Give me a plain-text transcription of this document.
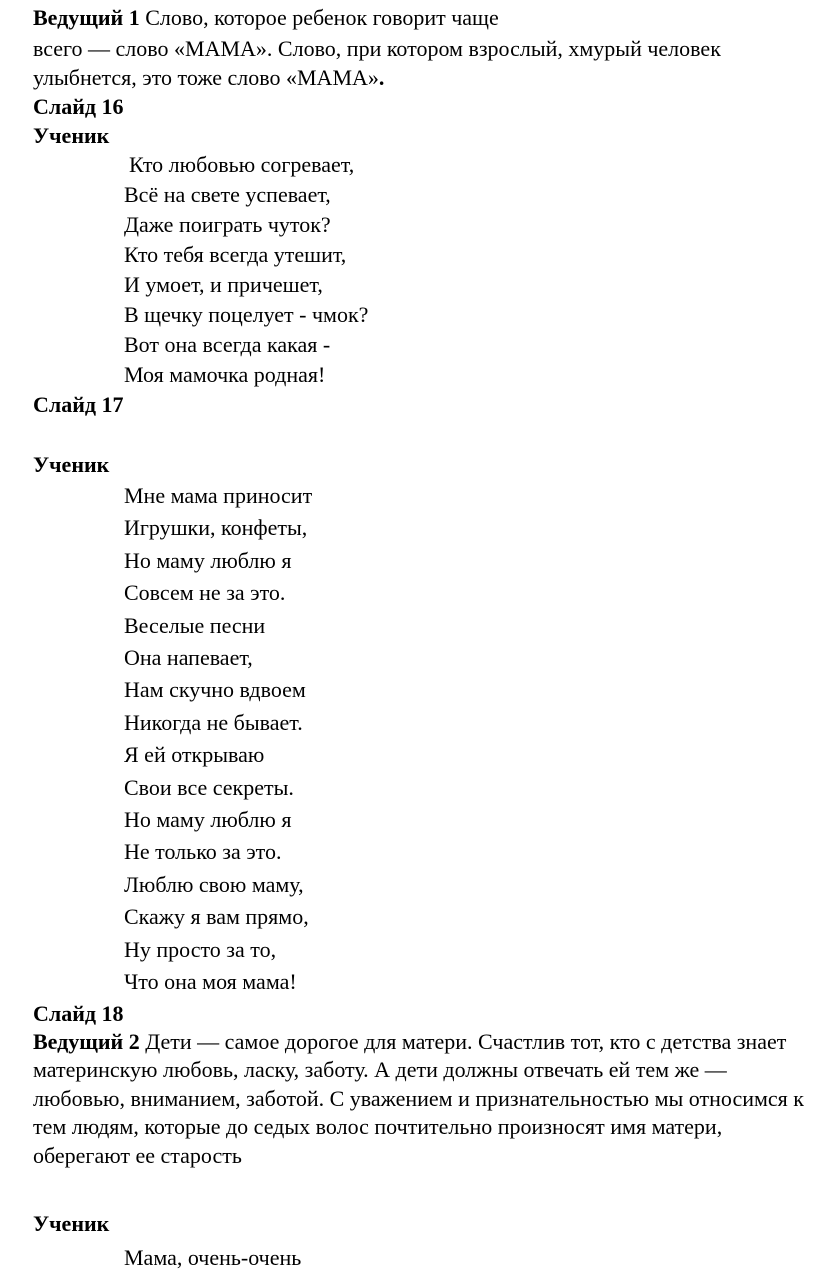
Ведущий 1 Слово, которое ребенок говорит чаще
всего — слово «МАМА». Слово, при котором взрослый, хмурый человек улыбнется, это тоже слово «МАМА».
Слайд 16
Ученик
Кто любовью согревает,
Всё на свете успевает,
Даже поиграть чуток?
Кто тебя всегда утешит,
И умоет, и причешет,
В щечку поцелует - чмок?
Вот она всегда какая -
Моя мамочка родная!
Слайд 17
Ученик
Мне мама приносит
Игрушки, конфеты,
Но маму люблю я
Совсем не за это.
Веселые песни
Она напевает,
Нам скучно вдвоем
Никогда не бывает.
Я ей открываю
Свои все секреты.
Но маму люблю я
Не только за это.
Люблю свою маму,
Скажу я вам прямо,
Ну просто за то,
Что она моя мама!
Слайд 18
Ведущий 2 Дети — самое дорогое для матери. Счастлив тот, кто с детства знает материнскую любовь, ласку, заботу. А дети должны отвечать ей тем же — любовью, вниманием, заботой. С уважением и признательностью мы относимся к тем людям, которые до седых волос почтительно произносят имя матери, оберегают ее старость
Ученик
Мама, очень-очень
